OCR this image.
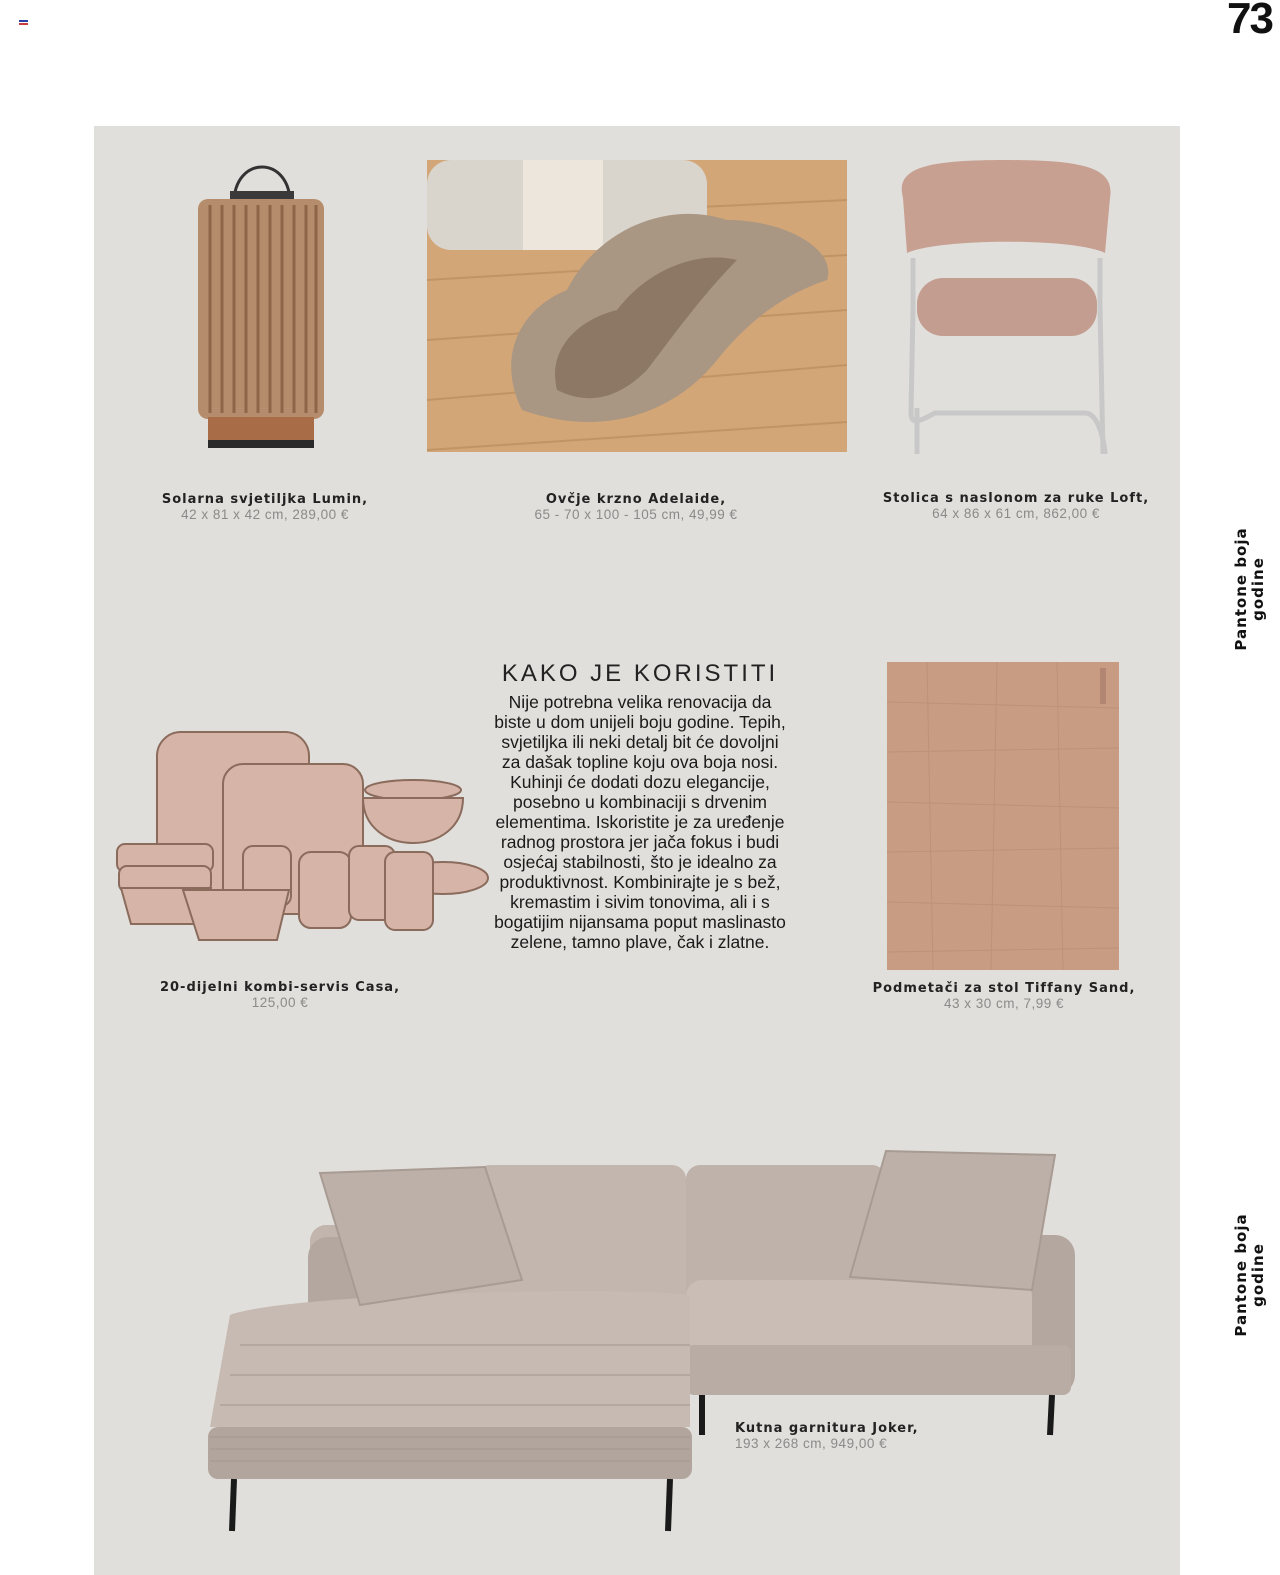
73
Pantone boja godine
Pantone boja godine
Solarna svjetiljka Lumin,
42 x 81 x 42 cm, 289,00 €
Ovčje krzno Adelaide,
65 - 70 x 100 - 105 cm, 49,99 €
Stolica s naslonom za ruke Loft,
64 x 86 x 61 cm, 862,00 €
20-dijelni kombi-servis Casa,
125,00 €
Podmetači za stol Tiffany Sand,
43 x 30 cm, 7,99 €
Kutna garnitura Joker,
193 x 268 cm, 949,00 €
KAKO JE KORISTITI
Nije potrebna velika renovacija da biste u dom unijeli boju godine. Tepih, svjetiljka ili neki detalj bit će dovoljni za dašak topline koju ova boja nosi. Kuhinji će dodati dozu elegancije, posebno u kombinaciji s drvenim elementima. Iskoristite je za uređenje radnog prostora jer jača fokus i budi osjećaj stabilnosti, što je idealno za produktivnost. Kombinirajte je s bež, kremastim i sivim tonovima, ali i s bogatijim nijansama poput maslinasto zelene, tamno plave, čak i zlatne.
